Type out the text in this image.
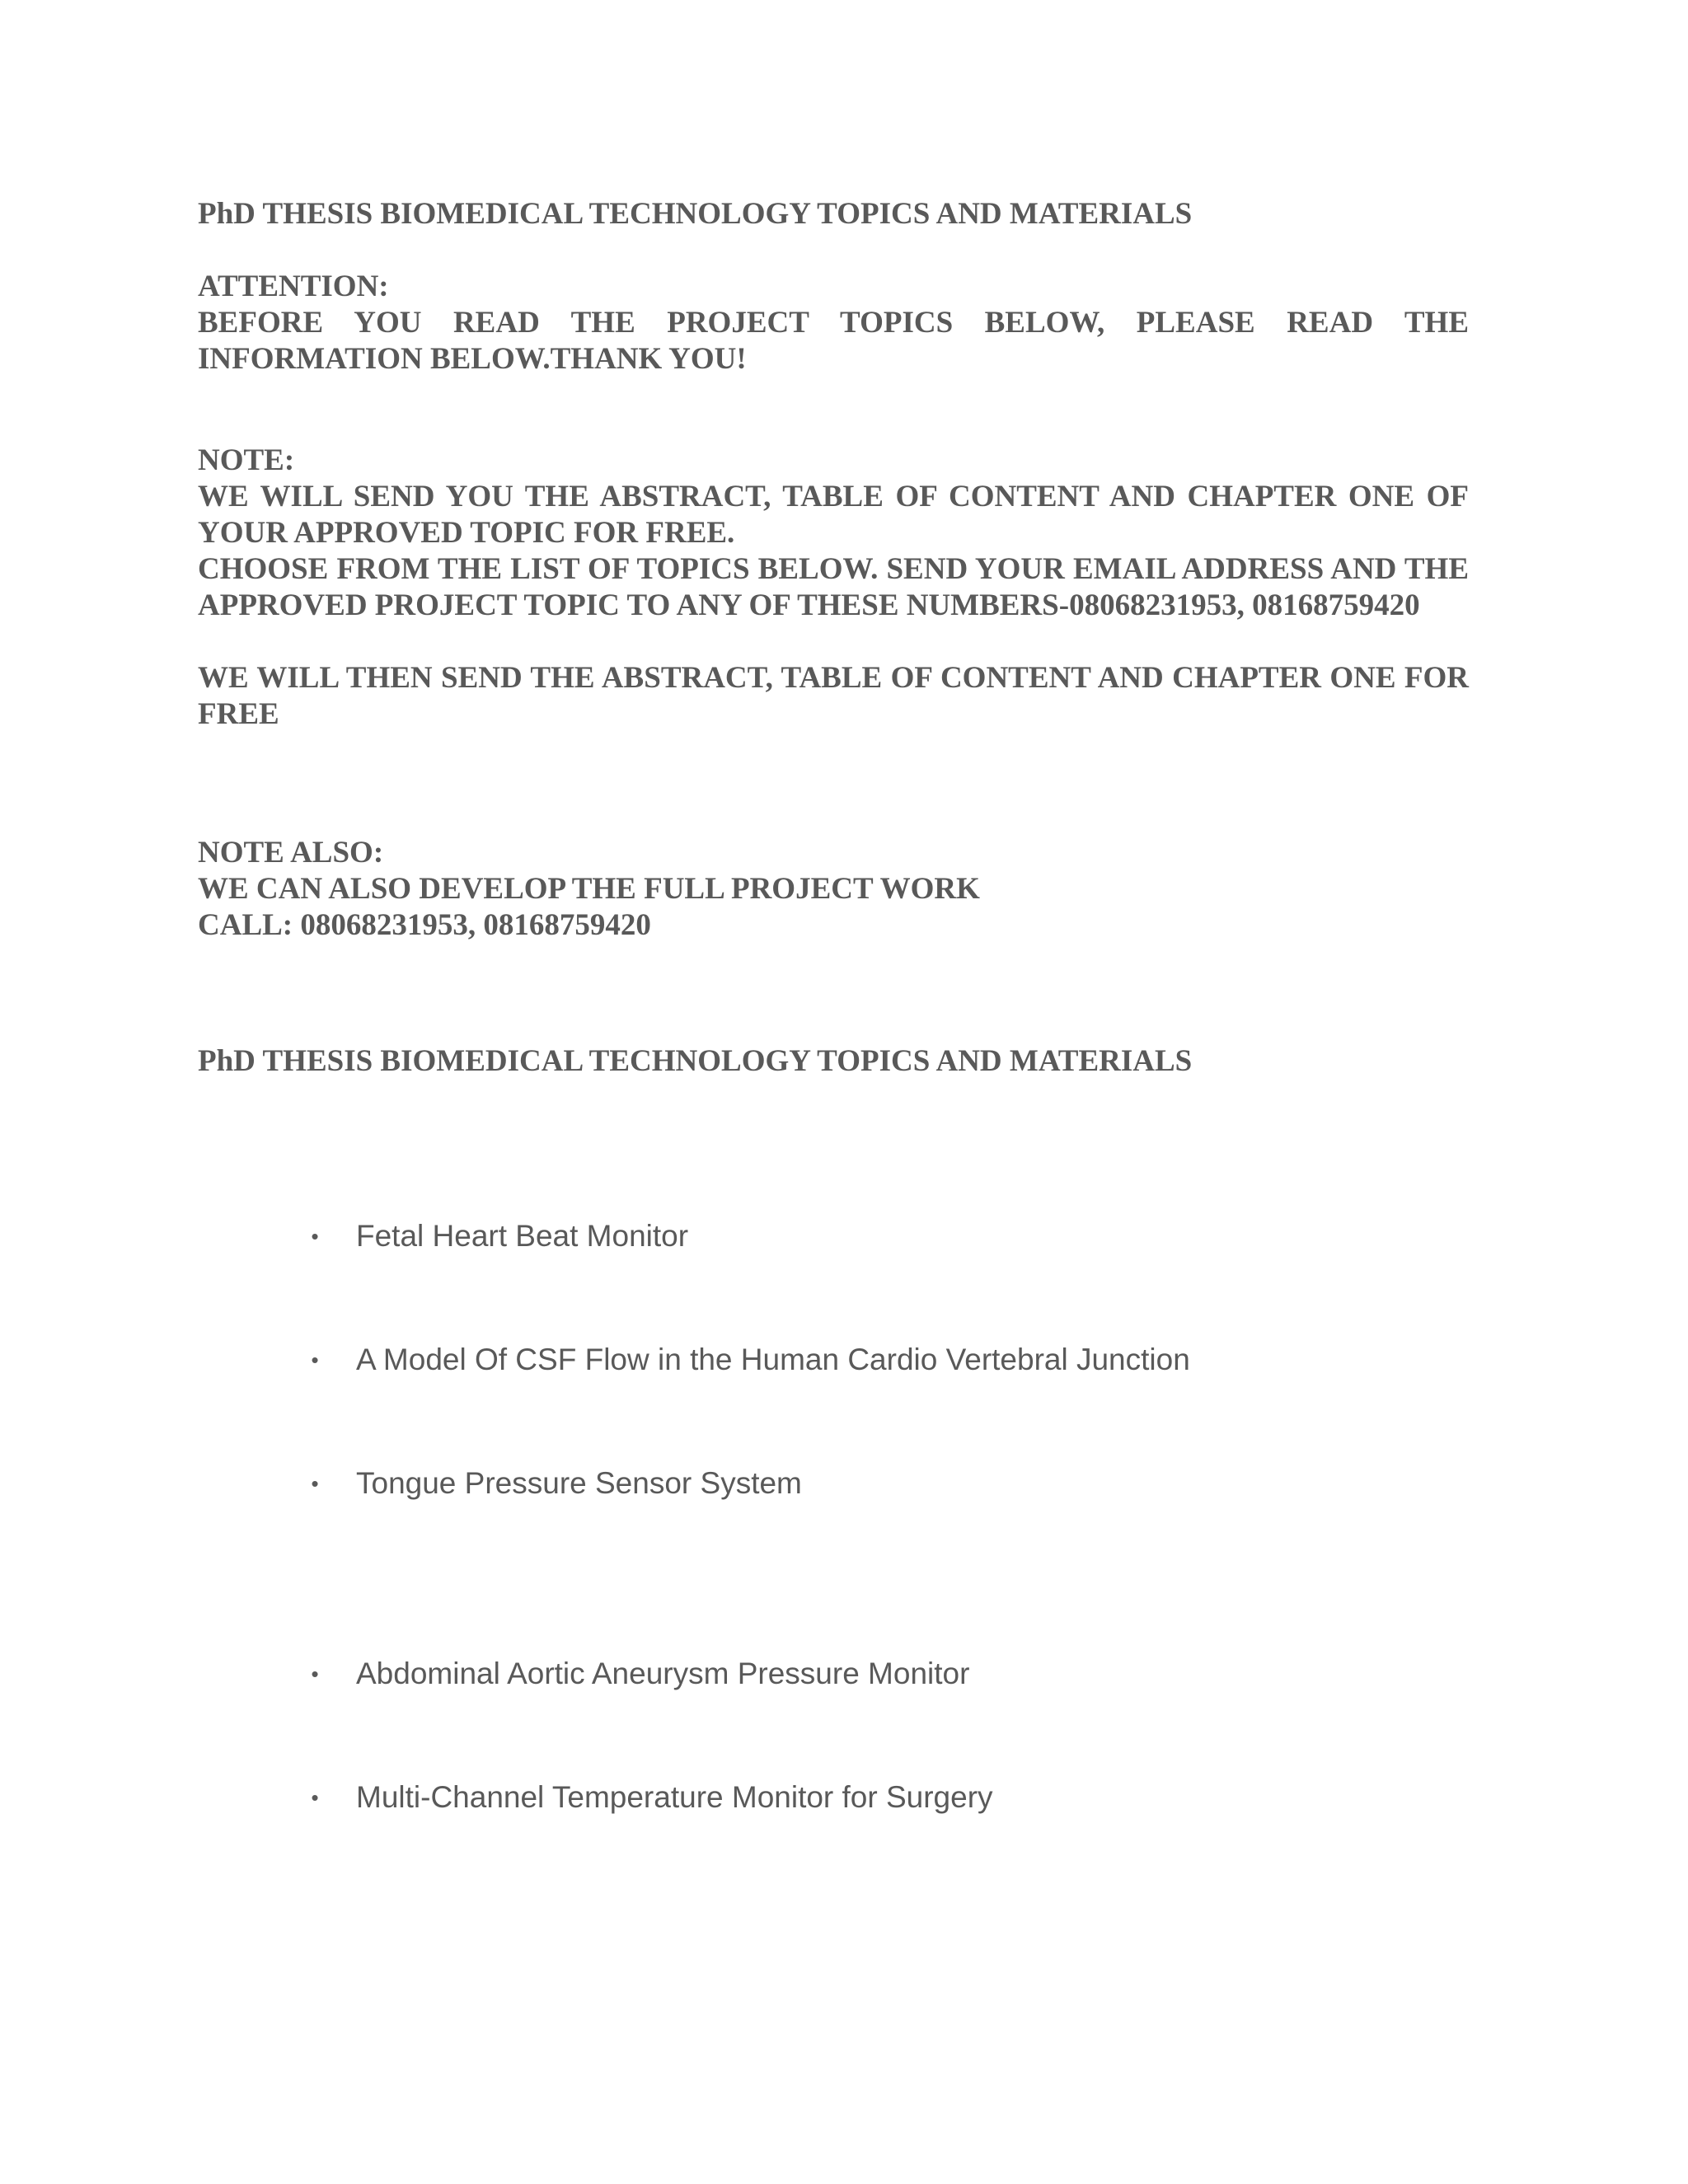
PhD THESIS BIOMEDICAL TECHNOLOGY TOPICS AND MATERIALS

ATTENTION:
BEFORE YOU READ THE PROJECT TOPICS BELOW, PLEASE READ THE INFORMATION BELOW.THANK YOU!
NOTE:
WE WILL SEND YOU THE ABSTRACT, TABLE OF CONTENT AND CHAPTER ONE OF YOUR APPROVED TOPIC FOR FREE.
CHOOSE FROM THE LIST OF TOPICS BELOW. SEND YOUR EMAIL ADDRESS AND THE APPROVED PROJECT TOPIC TO ANY OF THESE NUMBERS-08068231953, 08168759420
WE WILL THEN SEND THE ABSTRACT, TABLE OF CONTENT AND CHAPTER ONE FOR FREE
NOTE ALSO:
WE CAN ALSO DEVELOP THE FULL PROJECT WORK
CALL: 08068231953, 08168759420

PhD THESIS BIOMEDICAL TECHNOLOGY TOPICS AND MATERIALS

• Fetal Heart Beat Monitor
• A Model Of CSF Flow in the Human Cardio Vertebral Junction
• Tongue Pressure Sensor System
• Abdominal Aortic Aneurysm Pressure Monitor
• Multi-Channel Temperature Monitor for Surgery
